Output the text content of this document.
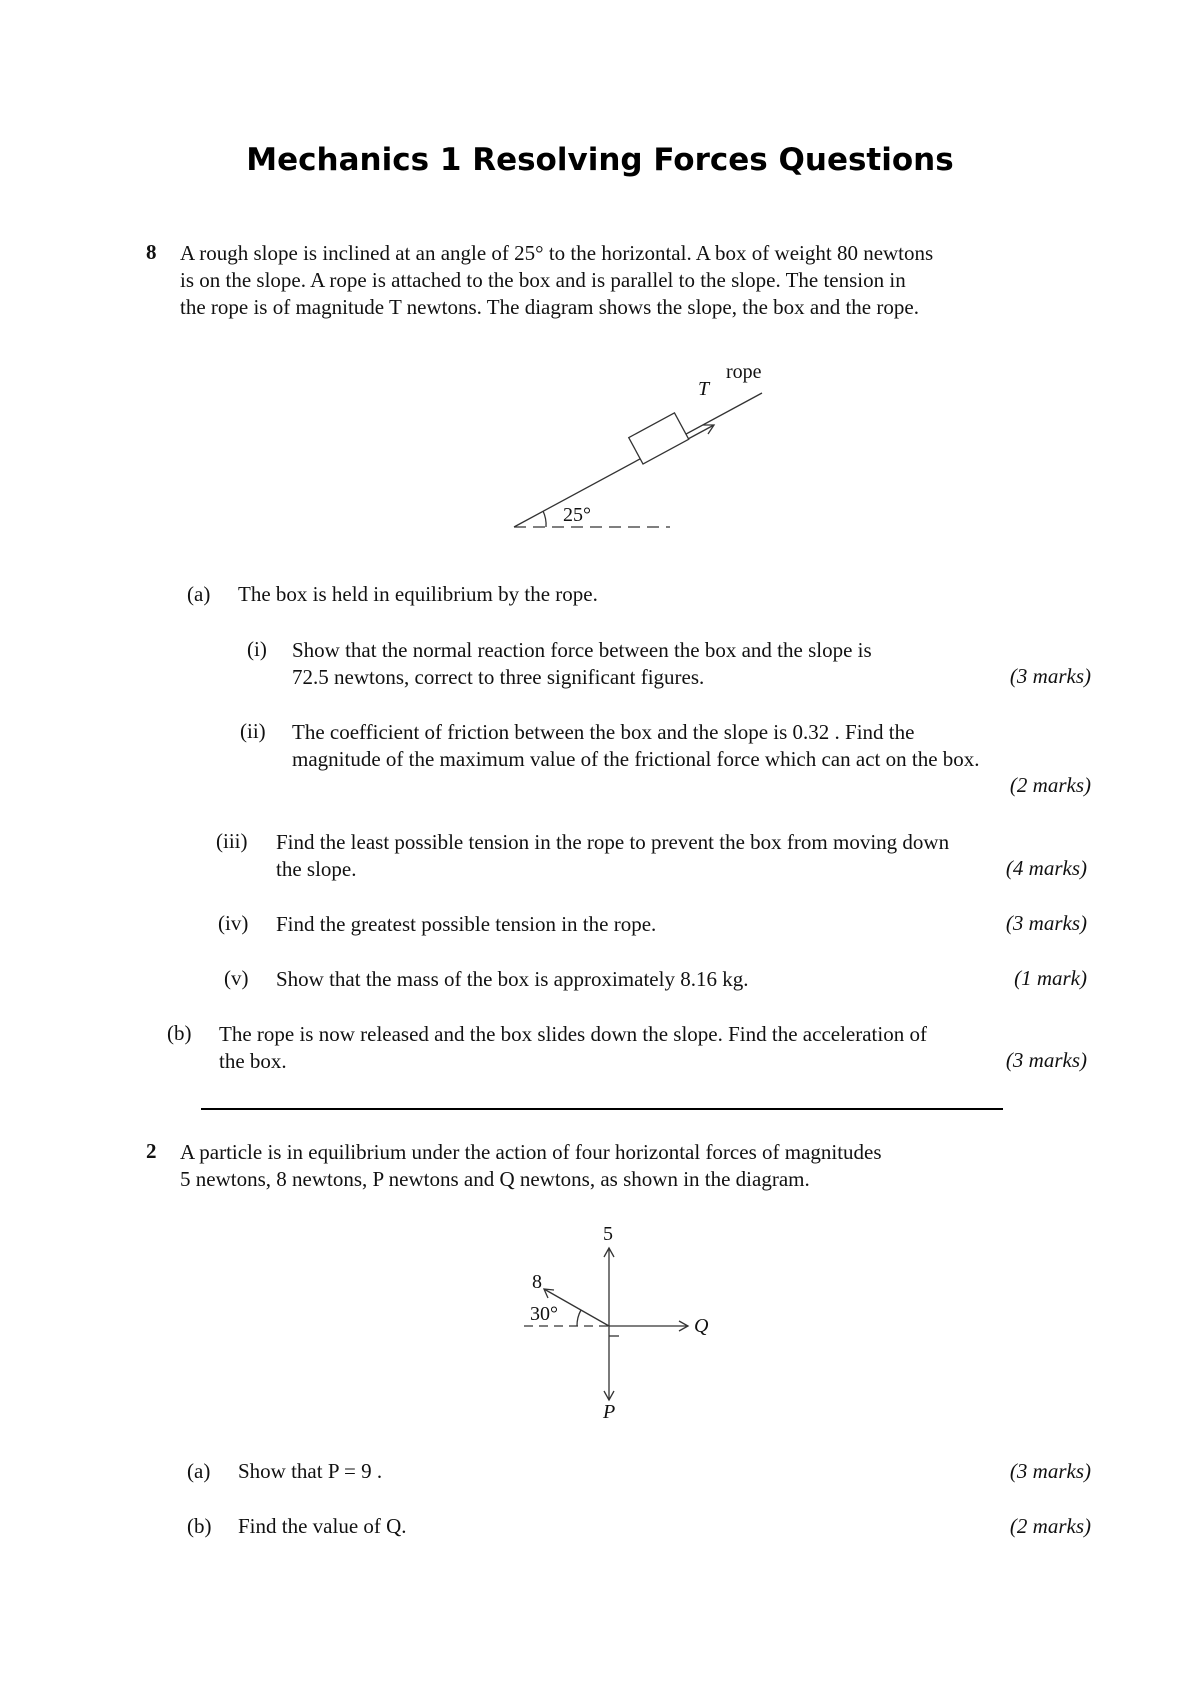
Mechanics 1 Resolving Forces Questions
8 A rough slope is inclined at an angle of 25° to the horizontal. A box of weight 80 newtons
is on the slope. A rope is attached to the box and is parallel to the slope. The tension in
the rope is of magnitude T newtons. The diagram shows the slope, the box and the rope.
25°
T
rope
(a) The box is held in equilibrium by the rope.
(i) Show that the normal reaction force between the box and the slope is
72.5 newtons, correct to three significant figures.	(3 marks)
(ii) The coefficient of friction between the box and the slope is 0.32 . Find the
magnitude of the maximum value of the frictional force which can act on the box.
(2 marks)
(iii) Find the least possible tension in the rope to prevent the box from moving down
the slope.	(4 marks)
(iv) Find the greatest possible tension in the rope.	(3 marks)
(v) Show that the mass of the box is approximately 8.16 kg.	(1 mark)
(b) The rope is now released and the box slides down the slope. Find the acceleration of
the box.	(3 marks)
2 A particle is in equilibrium under the action of four horizontal forces of magnitudes
5 newtons, 8 newtons, P newtons and Q newtons, as shown in the diagram.
5
P
Q
8
30°
(a) Show that P = 9 .	(3 marks)
(b) Find the value of Q.	(2 marks)
